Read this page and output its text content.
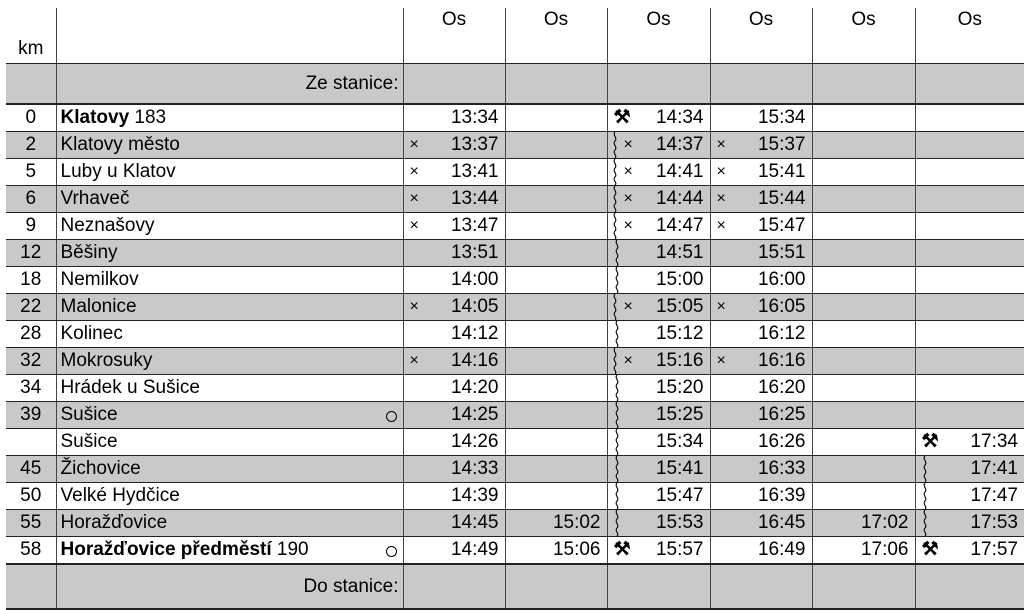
km		Os	Os	Os	Os	Os	Os
	Ze stanice:						
0	Klatovy 183	13:34		⚒ 14:34	15:34		

2	Klatovy město	× 13:37		× 14:37	× 15:37		

5	Luby u Klatov	× 13:41		× 14:41	× 15:41		

6	Vrhaveč	× 13:44		× 14:44	× 15:44		

9	Neznašovy	× 13:47		× 14:47	× 15:47		

12	Běšiny	13:51		14:51	15:51		

18	Nemilkov	14:00		15:00	16:00		

22	Malonice	× 14:05		× 15:05	× 16:05		

28	Kolinec	14:12		15:12	16:12		

32	Mokrosuky	× 14:16		× 15:16	× 16:16		

34	Hrádek u Sušice	14:20		15:20	16:20		

39	Sušice	14:25		15:25	16:25		

	Sušice	14:26		15:34	16:26		⚒ 17:34

45	Žichovice	14:33		15:41	16:33		17:41

50	Velké Hydčice	14:39		15:47	16:39		17:47

55	Horažďovice	14:45	15:02	15:53	16:45	17:02	17:53

58	Horažďovice předměstí 190	14:49	15:06	⚒ 15:57	16:49	17:06	⚒ 17:57

	Do stanice:						
